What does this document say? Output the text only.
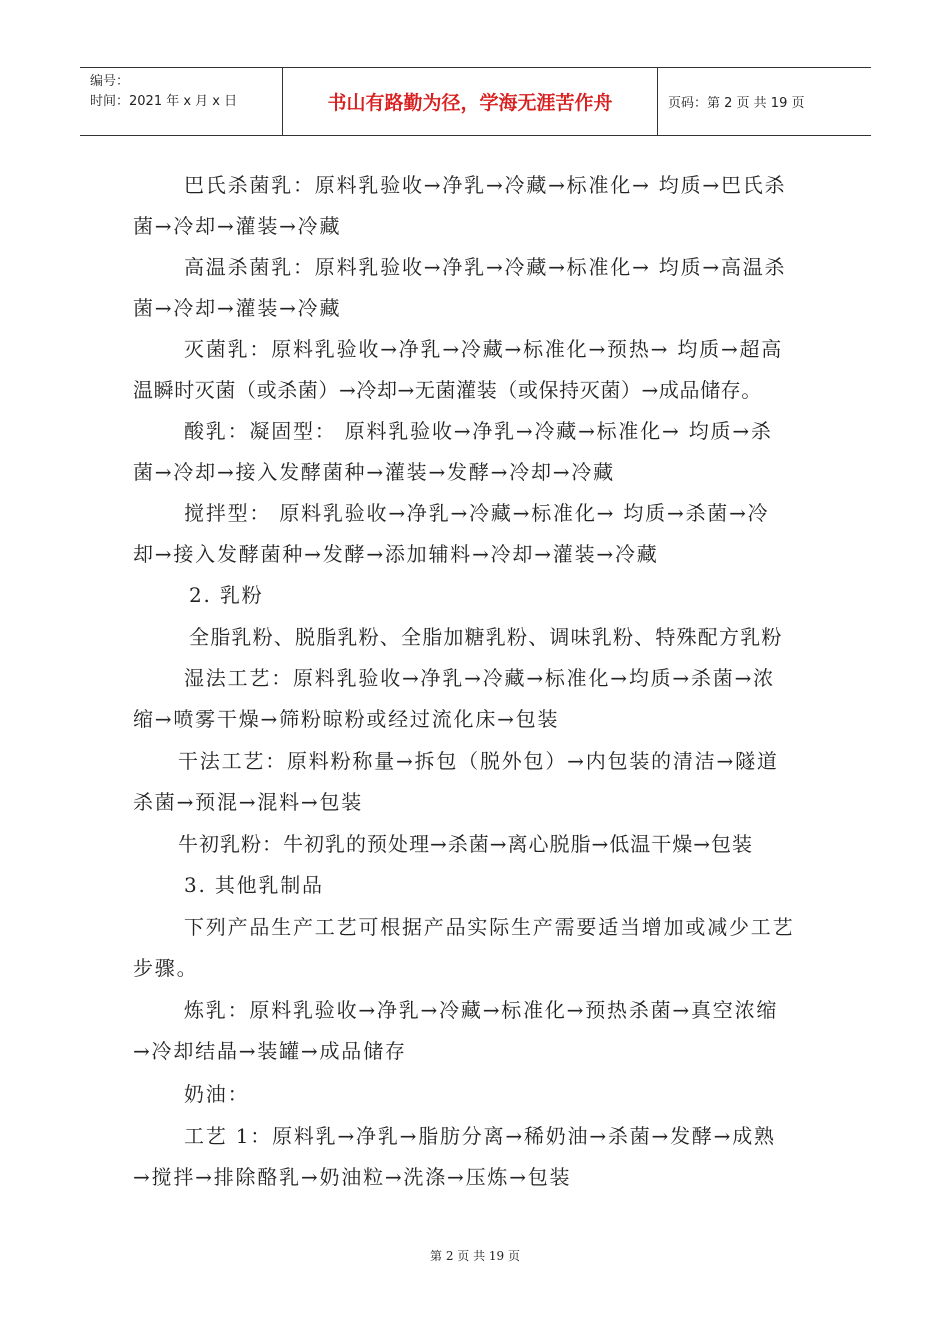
编号：
时间：2021 年 x 月 x 日	书山有路勤为径，学海无涯苦作舟	页码：第 2 页 共 19 页
巴氏杀菌乳：原料乳验收→净乳→冷藏→标准化→ 均质→巴氏杀
菌→冷却→灌装→冷藏
高温杀菌乳：原料乳验收→净乳→冷藏→标准化→ 均质→高温杀
菌→冷却→灌装→冷藏
灭菌乳：原料乳验收→净乳→冷藏→标准化→预热→ 均质→超高
温瞬时灭菌（或杀菌）→冷却→无菌灌装（或保持灭菌）→成品储存。
酸乳：凝固型： 原料乳验收→净乳→冷藏→标准化→ 均质→杀
菌→冷却→接入发酵菌种→灌装→发酵→冷却→冷藏
搅拌型： 原料乳验收→净乳→冷藏→标准化→ 均质→杀菌→冷
却→接入发酵菌种→发酵→添加辅料→冷却→灌装→冷藏
2. 乳粉
全脂乳粉、脱脂乳粉、全脂加糖乳粉、调味乳粉、特殊配方乳粉
湿法工艺：原料乳验收→净乳→冷藏→标准化→均质→杀菌→浓
缩→喷雾干燥→筛粉晾粉或经过流化床→包装
干法工艺：原料粉称量→拆包（脱外包）→内包装的清洁→隧道
杀菌→预混→混料→包装
牛初乳粉：牛初乳的预处理→杀菌→离心脱脂→低温干燥→包装
3. 其他乳制品
下列产品生产工艺可根据产品实际生产需要适当增加或减少工艺
步骤。
炼乳：原料乳验收→净乳→冷藏→标准化→预热杀菌→真空浓缩
→冷却结晶→装罐→成品储存
奶油：
工艺 1：原料乳→净乳→脂肪分离→稀奶油→杀菌→发酵→成熟
→搅拌→排除酪乳→奶油粒→洗涤→压炼→包装
第 2 页 共 19 页
